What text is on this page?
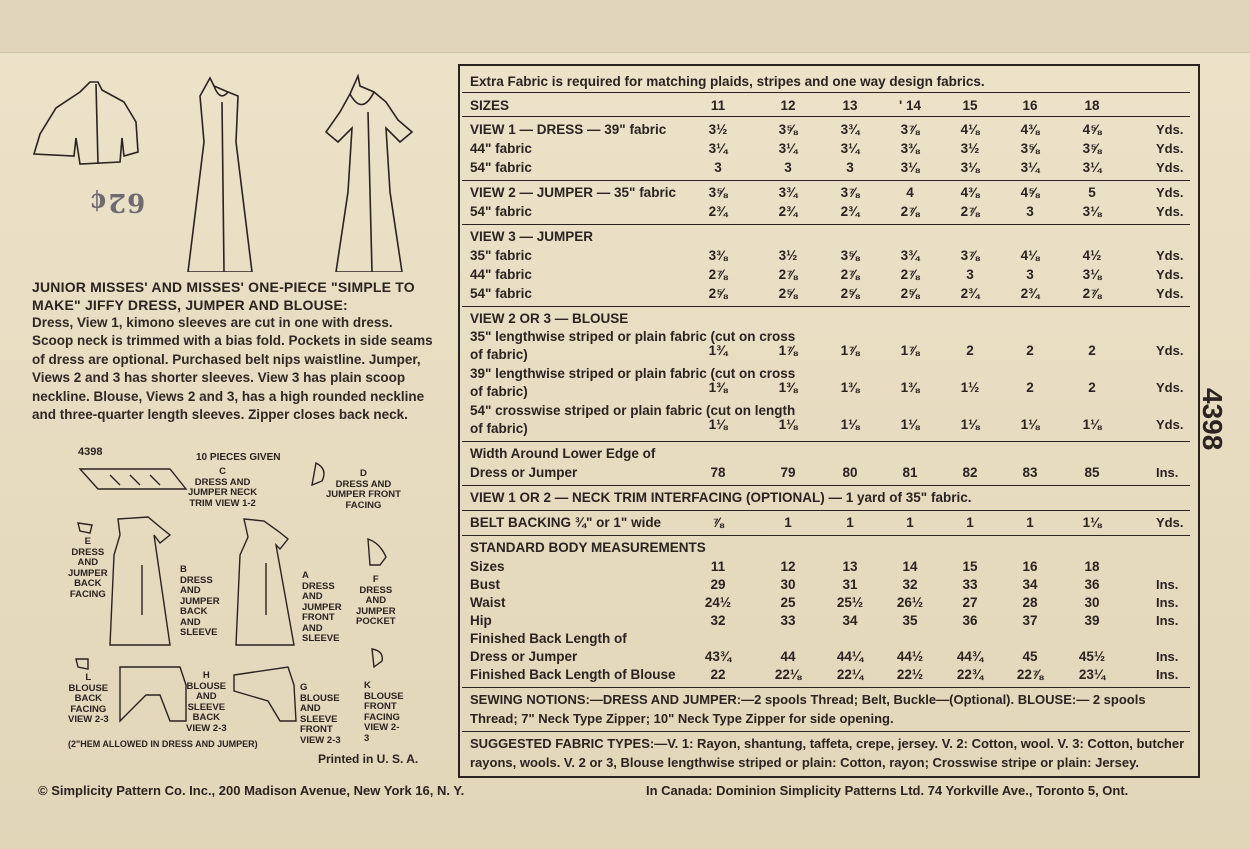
62¢
JUNIOR MISSES' AND MISSES' ONE-PIECE "SIMPLE TO MAKE" JIFFY DRESS, JUMPER AND BLOUSE:
Dress, View 1, kimono sleeves are cut in one with dress. Scoop neck is trimmed with a bias fold. Pockets in side seams of dress are optional. Purchased belt nips waistline. Jumper, Views 2 and 3 has shorter sleeves. View 3 has plain scoop neckline. Blouse, Views 2 and 3, has a high rounded neckline and three-quarter length sleeves. Zipper closes back neck.
4398	10 PIECES GIVEN
C
DRESS AND
JUMPER NECK
TRIM VIEW 1-2
D
DRESS AND
JUMPER FRONT
FACING
E
DRESS
AND
JUMPER
BACK
FACING
B
DRESS
AND
JUMPER
BACK
AND
SLEEVE
A
DRESS
AND
JUMPER
FRONT
AND
SLEEVE
F
DRESS
AND
JUMPER
POCKET
L
BLOUSE
BACK
FACING
VIEW 2-3
H
BLOUSE
AND
SLEEVE
BACK
VIEW 2-3
G
BLOUSE
AND
SLEEVE
FRONT
VIEW 2-3
K
BLOUSE
FRONT
FACING
VIEW 2-
3
(2"HEM ALLOWED IN DRESS AND JUMPER)
Printed in U. S. A.
© Simplicity Pattern Co. Inc., 200 Madison Avenue, New York 16, N. Y.	In Canada: Dominion Simplicity Patterns Ltd. 74 Yorkville Ave., Toronto 5, Ont.
4398
Extra Fabric is required for matching plaids, stripes and one way design fabrics.
SIZES	11	12	13	' 14	15	16	18
VIEW 1 — DRESS — 39" fabric	3½	3⅝	3¾	3⅞	4⅛	4⅜	4⅝	Yds.
44" fabric	3¼	3¼	3¼	3⅜	3½	3⅝	3⅝	Yds.
54" fabric	3	3	3	3⅛	3⅛	3¼	3¼	Yds.
VIEW 2 — JUMPER — 35" fabric	3⅝	3¾	3⅞	4	4⅜	4⅝	5	Yds.
54" fabric	2¾	2¾	2¾	2⅞	2⅞	3	3⅛	Yds.
VIEW 3 — JUMPER
35" fabric	3⅜	3½	3⅝	3¾	3⅞	4⅛	4½	Yds.
44" fabric	2⅞	2⅞	2⅞	2⅞	3	3	3⅛	Yds.
54" fabric	2⅝	2⅝	2⅝	2⅝	2¾	2¾	2⅞	Yds.
VIEW 2 OR 3 — BLOUSE
35" lengthwise striped or plain fabric (cut on cross
of fabric)	1¾	1⅞	1⅞	1⅞	2	2	2	Yds.
39" lengthwise striped or plain fabric (cut on cross
of fabric)	1⅜	1⅜	1⅜	1⅜	1½	2	2	Yds.
54" crosswise striped or plain fabric (cut on length
of fabric)	1⅛	1⅛	1⅛	1⅛	1⅛	1⅛	1⅛	Yds.
Width Around Lower Edge of
Dress or Jumper	78	79	80	81	82	83	85	Ins.
VIEW 1 OR 2 — NECK TRIM INTERFACING (OPTIONAL) — 1 yard of 35" fabric.
BELT BACKING ¾" or 1" wide	⅞	1	1	1	1	1	1⅛	Yds.
STANDARD BODY MEASUREMENTS
Sizes	11	12	13	14	15	16	18
Bust	29	30	31	32	33	34	36	Ins.
Waist	24½	25	25½	26½	27	28	30	Ins.
Hip	32	33	34	35	36	37	39	Ins.
Finished Back Length of
Dress or Jumper	43¾	44	44¼	44½	44¾	45	45½	Ins.
Finished Back Length of Blouse	22	22⅛	22¼	22½	22¾	22⅞	23¼	Ins.
SEWING NOTIONS:—DRESS AND JUMPER:—2 spools Thread; Belt, Buckle—(Optional). BLOUSE:— 2 spools Thread; 7" Neck Type Zipper; 10" Neck Type Zipper for side opening.
SUGGESTED FABRIC TYPES:—V. 1: Rayon, shantung, taffeta, crepe, jersey. V. 2: Cotton, wool. V. 3: Cotton, butcher rayons, wools. V. 2 or 3, Blouse lengthwise striped or plain: Cotton, rayon; Crosswise stripe or plain: Jersey.
